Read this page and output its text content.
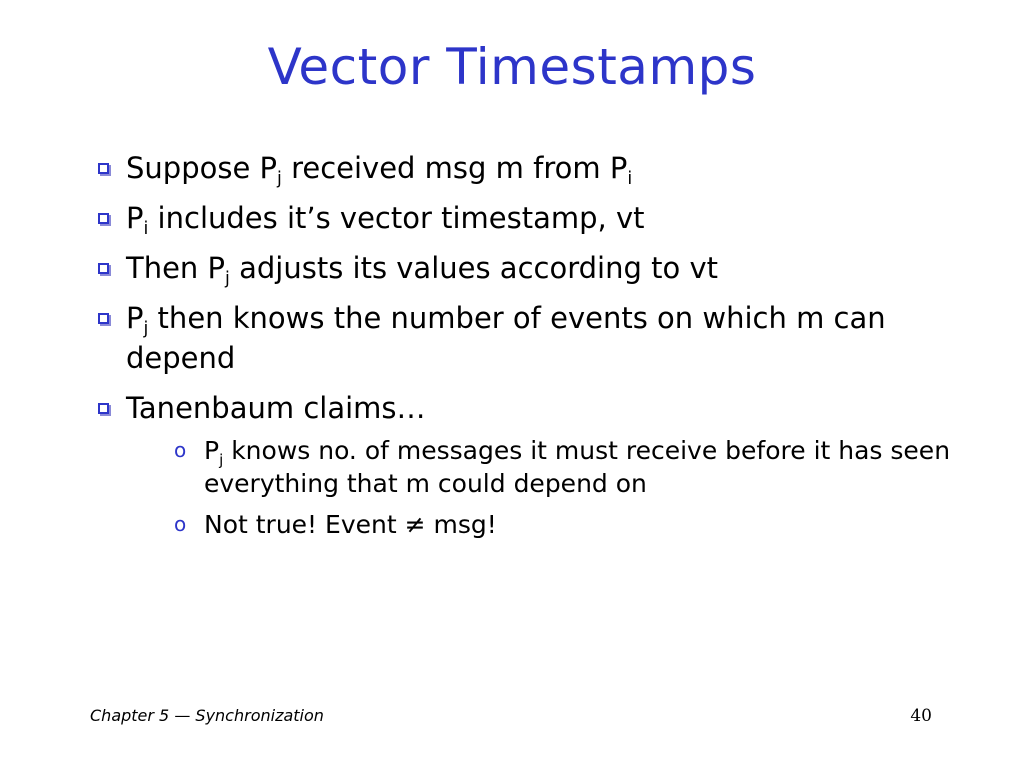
Vector Timestamps
Suppose $P_j$ received msg m from $P_i$
$P_i$ includes it’s vector timestamp, vt
Then $P_j$ adjusts its values according to vt
$P_j$ then knows the number of events on which m can depend
Tanenbaum claims…
o $P_j$ knows no. of messages it must receive before it has seen everything that m could depend on
o Not true! Event ≠ msg!
Chapter 5 — Synchronization	40
